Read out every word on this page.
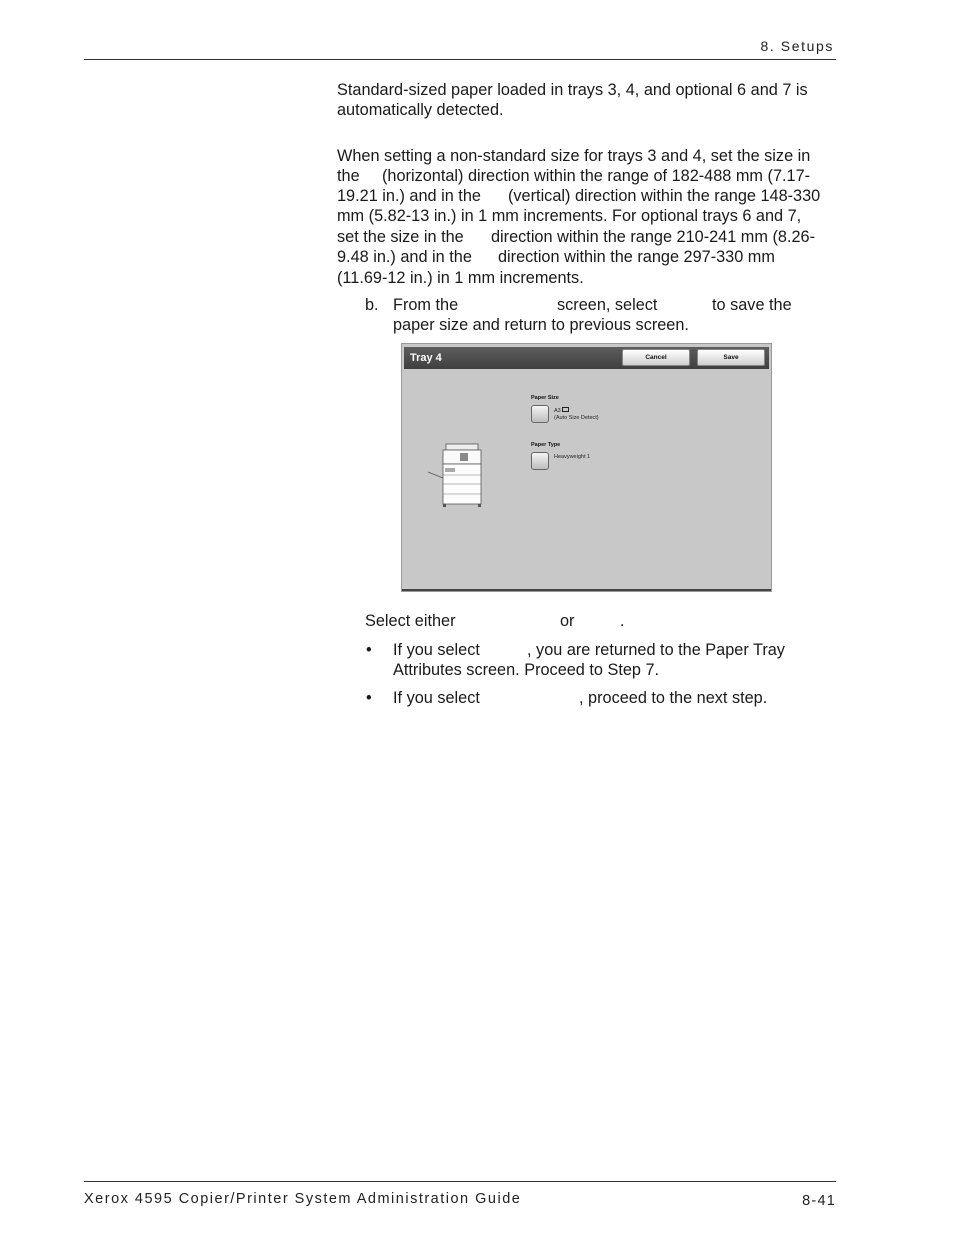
8. Setups
Standard-sized paper loaded in trays 3, 4, and optional 6 and 7 is
automatically detected.
When setting a non-standard size for trays 3 and 4, set the size in
the (horizontal) direction within the range of 182-488 mm (7.17-
19.21 in.) and in the (vertical) direction within the range 148-330
mm (5.82-13 in.) in 1 mm increments. For optional trays 6 and 7,
set the size in the direction within the range 210-241 mm (8.26-
9.48 in.) and in the direction within the range 297-330 mm
(11.69-12 in.) in 1 mm increments.
b. From the	screen, select	to save the
paper size and return to previous screen.
Tray 4	Cancel	Save
Paper Size
A3
(Auto Size Detect)
Paper Type
Heavyweight 1
Select either	or	.
• If you select	, you are returned to the Paper Tray
Attributes screen. Proceed to Step 7.
• If you select	, proceed to the next step.
Xerox 4595 Copier/Printer System Administration Guide	8-41
